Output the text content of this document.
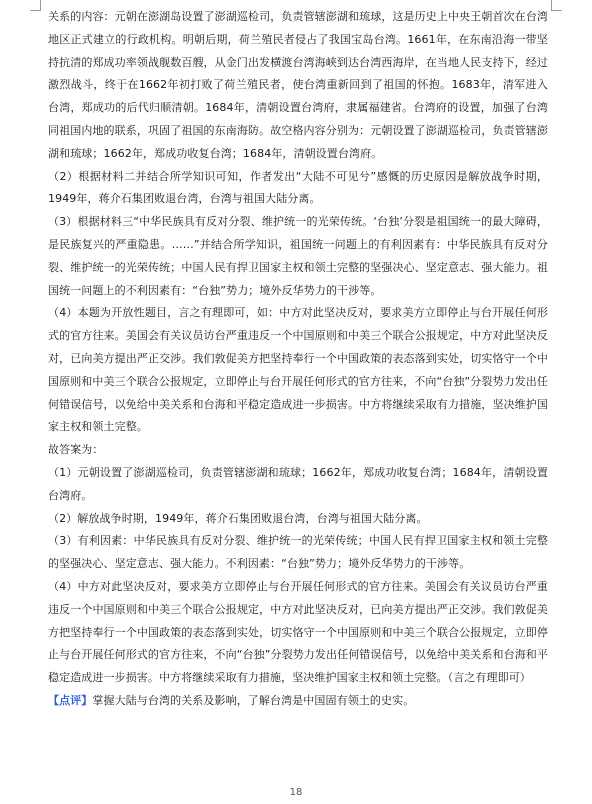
关系的内容：元朝在澎湖岛设置了澎湖巡检司，负责管辖澎湖和琉球，这是历史上中央王朝首次在台湾地区正式建立的行政机构。明朝后期，荷兰殖民者侵占了我国宝岛台湾。1661年，在东南沿海一带坚持抗清的郑成功率领战舰数百艘，从金门出发横渡台湾海峡到达台湾西海岸，在当地人民支持下，经过激烈战斗，终于在1662年初打败了荷兰殖民者，使台湾重新回到了祖国的怀抱。1683年，清军进入台湾，郑成功的后代归顺清朝。1684年，清朝设置台湾府，隶属福建省。台湾府的设置，加强了台湾同祖国内地的联系，巩固了祖国的东南海防。故空格内容分别为：元朝设置了澎湖巡检司，负责管辖澎湖和琉球；1662年，郑成功收复台湾；1684年，清朝设置台湾府。

（2）根据材料二并结合所学知识可知，作者发出“大陆不可见兮”感慨的历史原因是解放战争时期，1949年，蒋介石集团败退台湾，台湾与祖国大陆分离。

（3）根据材料三“中华民族具有反对分裂、维护统一的光荣传统。‘台独’分裂是祖国统一的最大障碍，是民族复兴的严重隐患。……”并结合所学知识，祖国统一问题上的有利因素有：中华民族具有反对分裂、维护统一的光荣传统；中国人民有捍卫国家主权和领土完整的坚强决心、坚定意志、强大能力。祖国统一问题上的不利因素有：“台独”势力；境外反华势力的干涉等。

（4）本题为开放性题目，言之有理即可，如：中方对此坚决反对，要求美方立即停止与台开展任何形式的官方往来。美国会有关议员访台严重违反一个中国原则和中美三个联合公报规定，中方对此坚决反对，已向美方提出严正交涉。我们敦促美方把坚持奉行一个中国政策的表态落到实处，切实恪守一个中国原则和中美三个联合公报规定，立即停止与台开展任何形式的官方往来，不向“台独”分裂势力发出任何错误信号，以免给中美关系和台海和平稳定造成进一步损害。中方将继续采取有力措施，坚决维护国家主权和领土完整。

故答案为：

（1）元朝设置了澎湖巡检司，负责管辖澎湖和琉球；1662年，郑成功收复台湾；1684年，清朝设置台湾府。

（2）解放战争时期，1949年，蒋介石集团败退台湾，台湾与祖国大陆分离。

（3）有利因素：中华民族具有反对分裂、维护统一的光荣传统；中国人民有捍卫国家主权和领土完整的坚强决心、坚定意志、强大能力。不利因素：“台独”势力；境外反华势力的干涉等。

（4）中方对此坚决反对，要求美方立即停止与台开展任何形式的官方往来。美国会有关议员访台严重违反一个中国原则和中美三个联合公报规定，中方对此坚决反对，已向美方提出严正交涉。我们敦促美方把坚持奉行一个中国政策的表态落到实处，切实恪守一个中国原则和中美三个联合公报规定，立即停止与台开展任何形式的官方往来，不向“台独”分裂势力发出任何错误信号，以免给中美关系和台海和平稳定造成进一步损害。中方将继续采取有力措施，坚决维护国家主权和领土完整。（言之有理即可）

【点评】掌握大陆与台湾的关系及影响，了解台湾是中国固有领土的史实。

18
